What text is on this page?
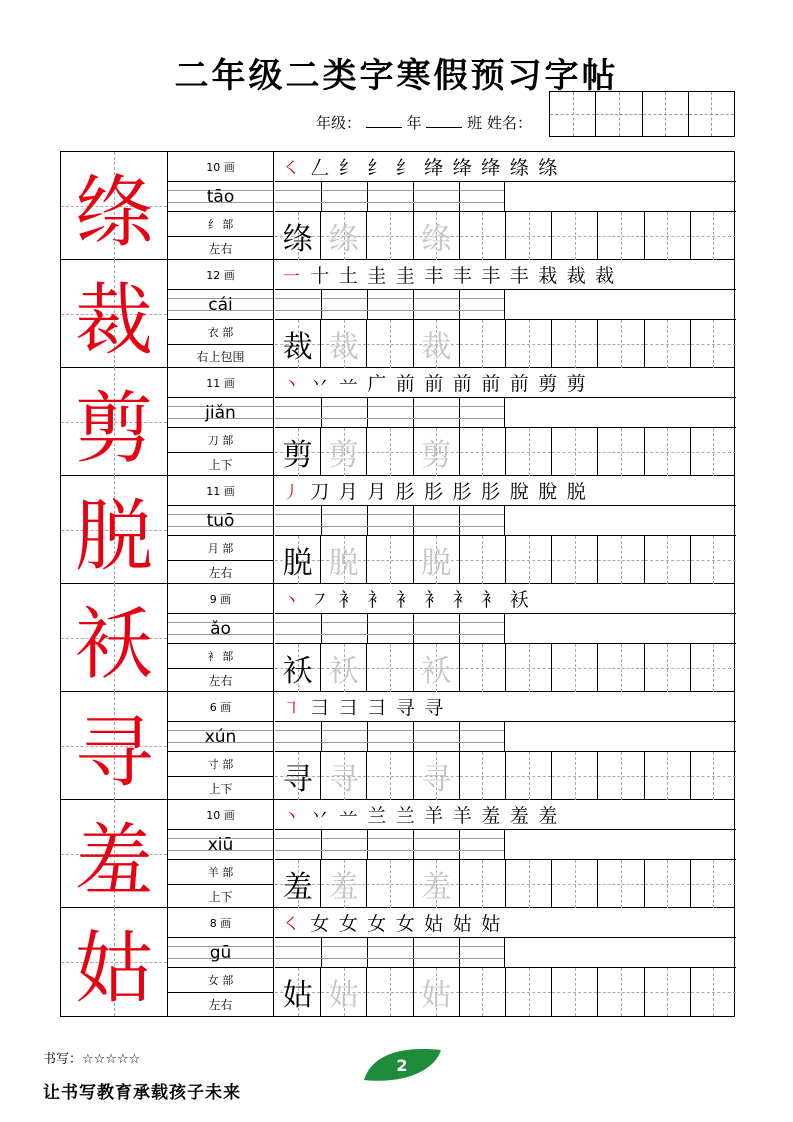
二年级二类字寒假预习字帖
年级：	年	班 姓名：
绦
10 画
tāo
纟 部
左右
㇛ 𠃋 纟 纟 纟 绛 绛 绛 绦 绦
绦 绦 绦
裁
12 画
cái
衣 部
右上包围
一 十 土 圭 圭 丰 丰 丰 丰 栽 裁 裁
裁 裁 裁
剪
11 画
jiǎn
刀 部
上下
丶 丷 䒑 广 前 前 前 前 前 剪 剪
剪 剪 剪
脱
11 画
tuō
月 部
左右
丿 刀 月 月 肜 肜 肜 肜 脫 脫 脱
脱 脱 脱
袄
9 画
ǎo
衤 部
左右
丶 ㇇ 衤 衤 衤 衤 衤 衤 袄
袄 袄 袄
寻
6 画
xún
寸 部
上下
㇕ 彐 彐 彐 寻 寻
寻 寻 寻
羞
10 画
xiū
羊 部
上下
丶 丷 䒑 兰 兰 羊 羊 羞 羞 羞
羞 羞 羞
姑
8 画
gū
女 部
左右
㇛ 女 女 女 女 姑 姑 姑
姑 姑 姑
书写：☆☆☆☆☆	2
让书写教育承载孩子未来
